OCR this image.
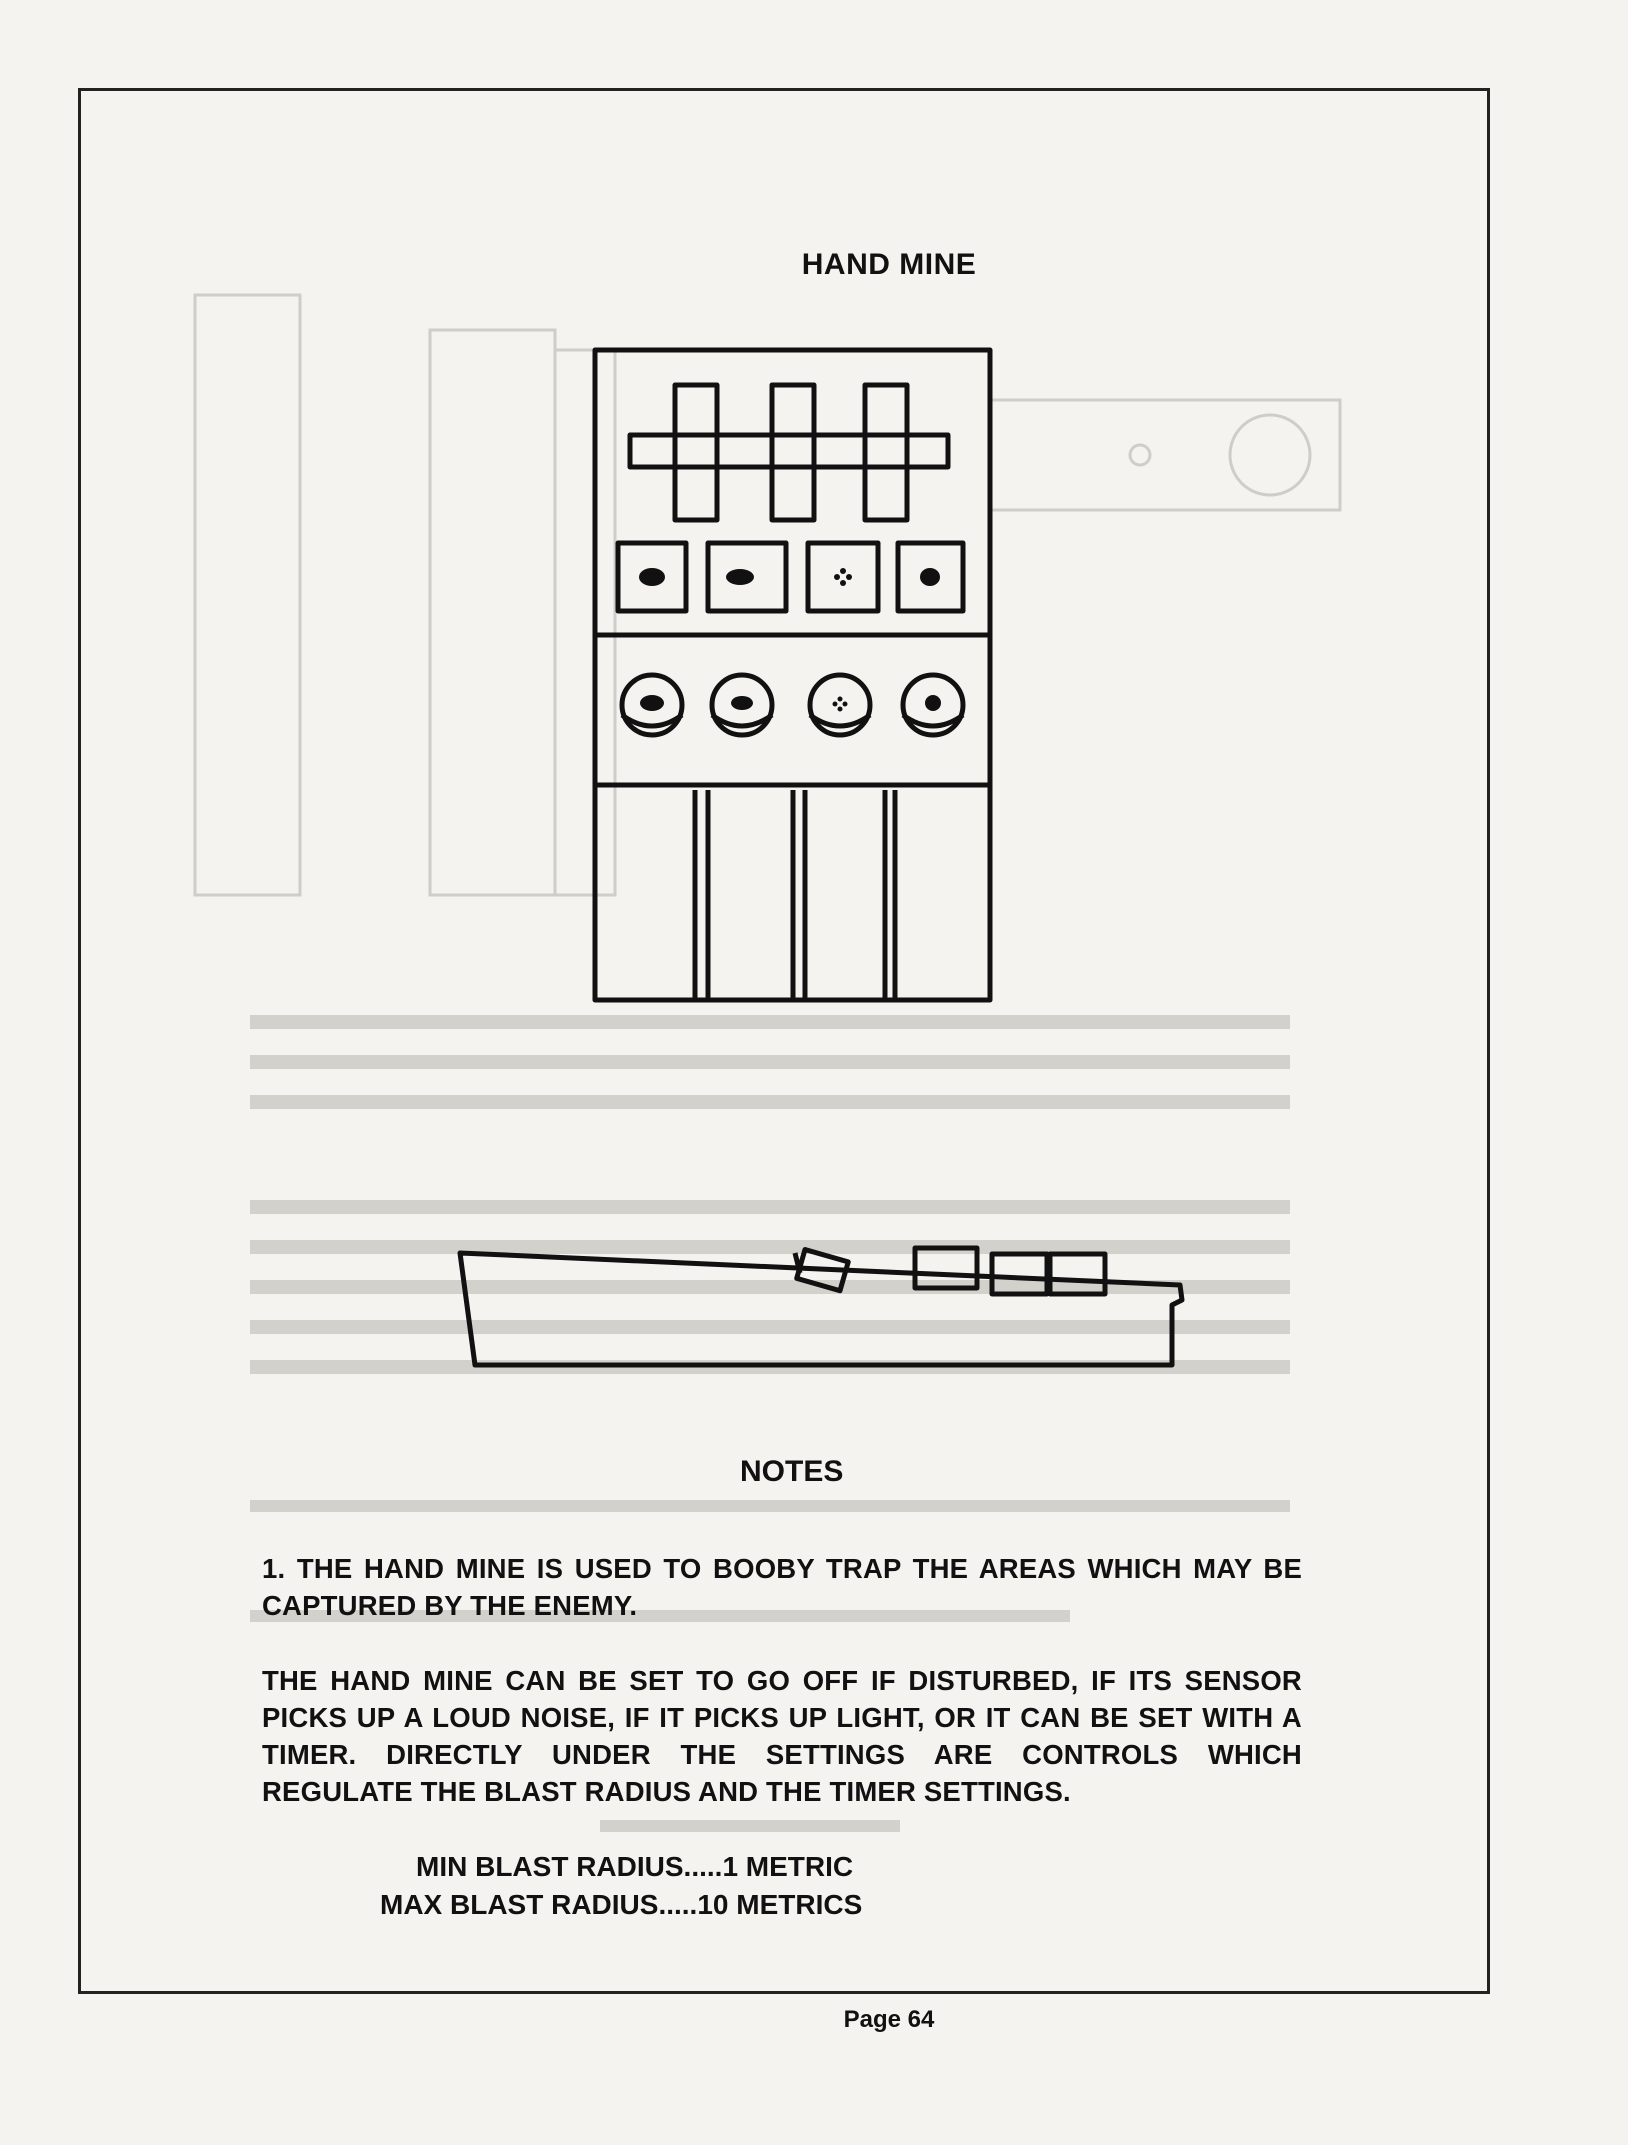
HAND MINE
NOTES

1. THE HAND MINE IS USED TO BOOBY TRAP THE AREAS WHICH MAY BE CAPTURED BY THE ENEMY.

THE HAND MINE CAN BE SET TO GO OFF IF DISTURBED, IF ITS SENSOR PICKS UP A LOUD NOISE, IF IT PICKS UP LIGHT, OR IT CAN BE SET WITH A TIMER. DIRECTLY UNDER THE SETTINGS ARE CONTROLS WHICH REGULATE THE BLAST RADIUS AND THE TIMER SETTINGS.

MIN BLAST RADIUS.....1 METRIC
MAX BLAST RADIUS.....10 METRICS
Page 64
